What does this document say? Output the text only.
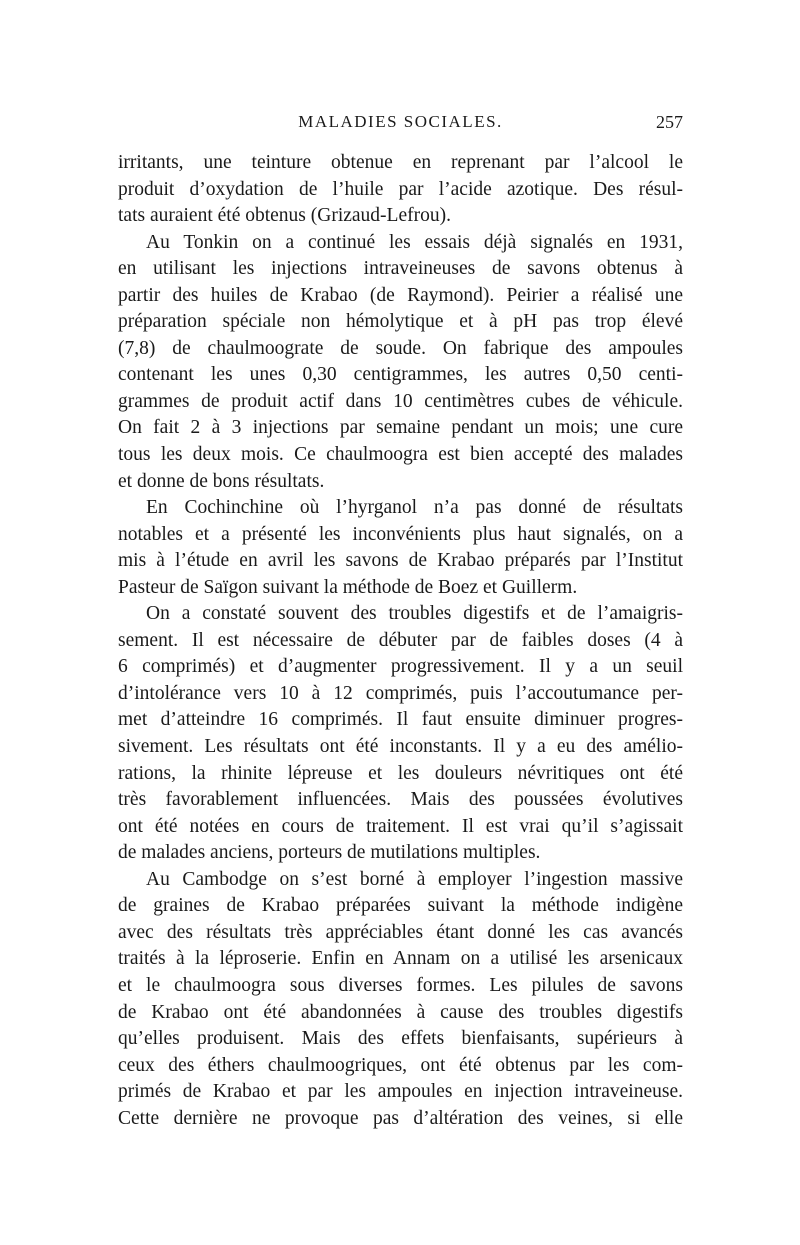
MALADIES SOCIALES.	257
irritants, une teinture obtenue en reprenant par l’alcool le
produit d’oxydation de l’huile par l’acide azotique. Des résul-
tats auraient été obtenus (Grizaud-Lefrou).
Au Tonkin on a continué les essais déjà signalés en 1931,
en utilisant les injections intraveineuses de savons obtenus à
partir des huiles de Krabao (de Raymond). Peirier a réalisé une
préparation spéciale non hémolytique et à pH pas trop élevé
(7,8) de chaulmoograte de soude. On fabrique des ampoules
contenant les unes 0,30 centigrammes, les autres 0,50 centi-
grammes de produit actif dans 10 centimètres cubes de véhicule.
On fait 2 à 3 injections par semaine pendant un mois; une cure
tous les deux mois. Ce chaulmoogra est bien accepté des malades
et donne de bons résultats.
En Cochinchine où l’hyrganol n’a pas donné de résultats
notables et a présenté les inconvénients plus haut signalés, on a
mis à l’étude en avril les savons de Krabao préparés par l’Institut
Pasteur de Saïgon suivant la méthode de Boez et Guillerm.
On a constaté souvent des troubles digestifs et de l’amaigris-
sement. Il est nécessaire de débuter par de faibles doses (4 à
6 comprimés) et d’augmenter progressivement. Il y a un seuil
d’intolérance vers 10 à 12 comprimés, puis l’accoutumance per-
met d’atteindre 16 comprimés. Il faut ensuite diminuer progres-
sivement. Les résultats ont été inconstants. Il y a eu des amélio-
rations, la rhinite lépreuse et les douleurs névritiques ont été
très favorablement influencées. Mais des poussées évolutives
ont été notées en cours de traitement. Il est vrai qu’il s’agissait
de malades anciens, porteurs de mutilations multiples.
Au Cambodge on s’est borné à employer l’ingestion massive
de graines de Krabao préparées suivant la méthode indigène
avec des résultats très appréciables étant donné les cas avancés
traités à la léproserie. Enfin en Annam on a utilisé les arsenicaux
et le chaulmoogra sous diverses formes. Les pilules de savons
de Krabao ont été abandonnées à cause des troubles digestifs
qu’elles produisent. Mais des effets bienfaisants, supérieurs à
ceux des éthers chaulmoogriques, ont été obtenus par les com-
primés de Krabao et par les ampoules en injection intraveineuse.
Cette dernière ne provoque pas d’altération des veines, si elle
